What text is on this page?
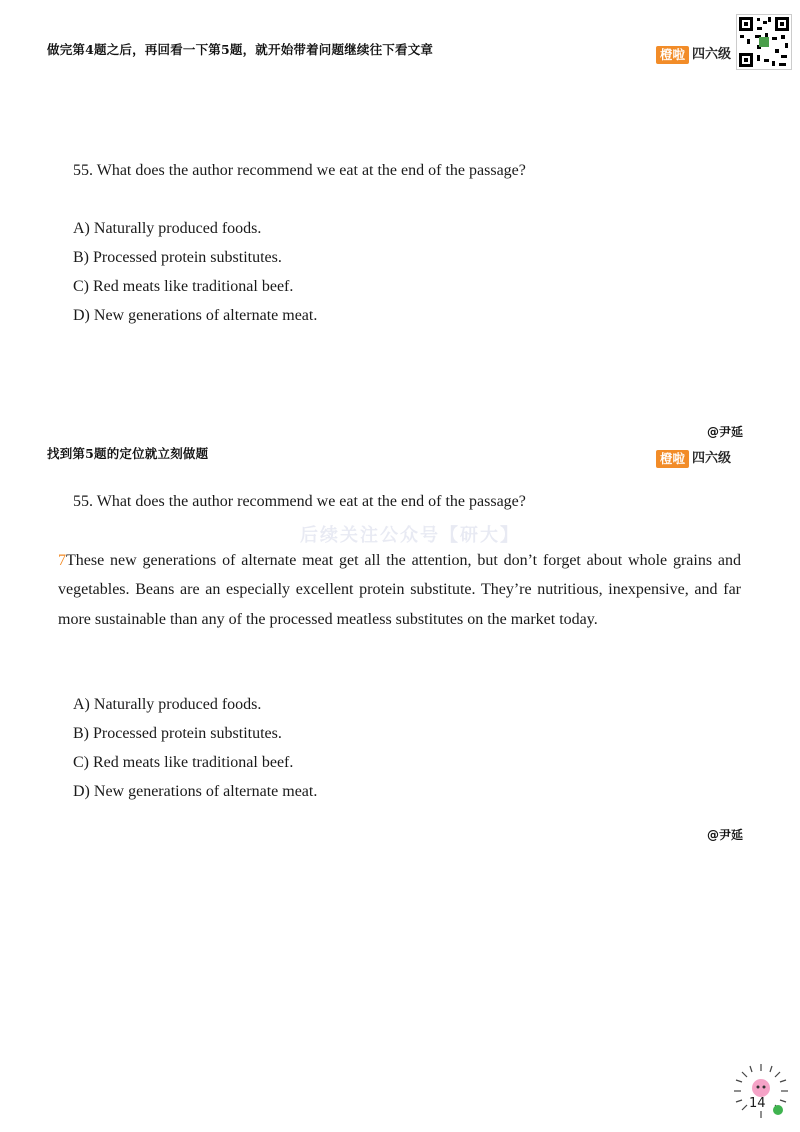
做完第4题之后，再回看一下第5题，就开始带着问题继续往下看文章	橙啦 四六级
55. What does the author recommend we eat at the end of the passage?
A) Naturally produced foods.
B) Processed protein substitutes.
C) Red meats like traditional beef.
D) New generations of alternate meat.
@尹延
找到第5题的定位就立刻做题	橙啦 四六级
55. What does the author recommend we eat at the end of the passage?
后续关注公众号【研大】
7These new generations of alternate meat get all the attention, but don’t forget about whole grains and vegetables. Beans are an especially excellent protein substitute. They’re nutritious, inexpensive, and far more sustainable than any of the processed meatless substitutes on the market today.
A) Naturally produced foods.
B) Processed protein substitutes.
C) Red meats like traditional beef.
D) New generations of alternate meat.
@尹延
14
